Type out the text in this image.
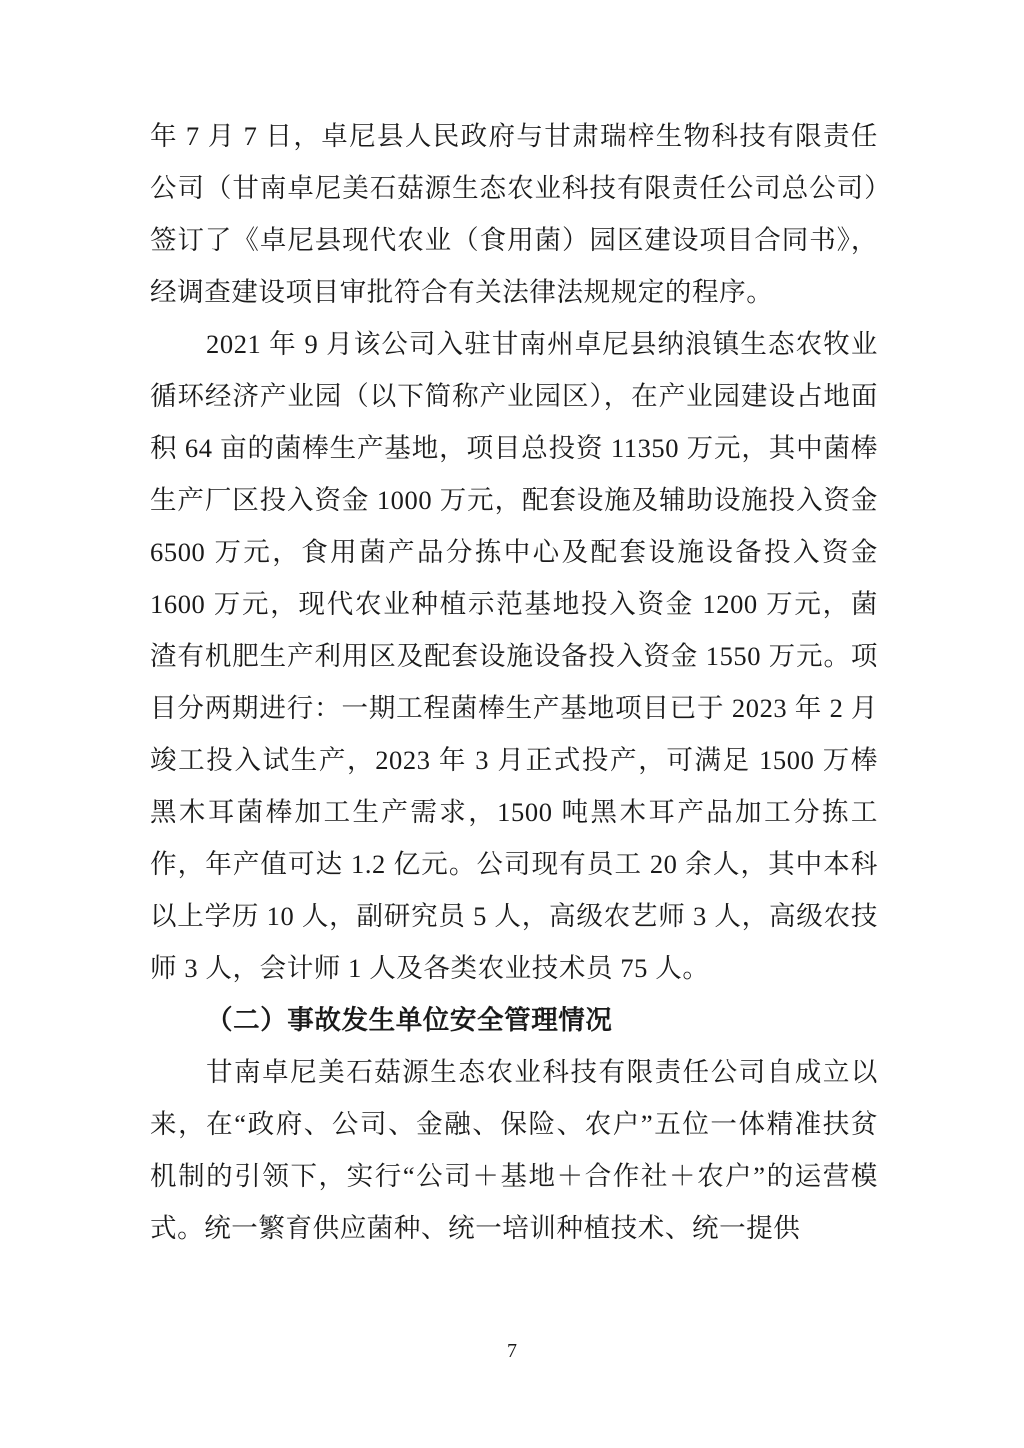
年 7 月 7 日，卓尼县人民政府与甘肃瑞梓生物科技有限责任公司（甘南卓尼美石菇源生态农业科技有限责任公司总公司）签订了《卓尼县现代农业（食用菌）园区建设项目合同书》，经调查建设项目审批符合有关法律法规规定的程序。

2021 年 9 月该公司入驻甘南州卓尼县纳浪镇生态农牧业循环经济产业园（以下简称产业园区），在产业园建设占地面积 64 亩的菌棒生产基地，项目总投资 11350 万元，其中菌棒生产厂区投入资金 1000 万元，配套设施及辅助设施投入资金 6500 万元，食用菌产品分拣中心及配套设施设备投入资金 1600 万元，现代农业种植示范基地投入资金 1200 万元，菌渣有机肥生产利用区及配套设施设备投入资金 1550 万元。项目分两期进行：一期工程菌棒生产基地项目已于 2023 年 2 月竣工投入试生产，2023 年 3 月正式投产，可满足 1500 万棒黑木耳菌棒加工生产需求，1500 吨黑木耳产品加工分拣工作，年产值可达 1.2 亿元。公司现有员工 20 余人，其中本科以上学历 10 人，副研究员 5 人，高级农艺师 3 人，高级农技师 3 人，会计师 1 人及各类农业技术员 75 人。

（二）事故发生单位安全管理情况

甘南卓尼美石菇源生态农业科技有限责任公司自成立以来，在“政府、公司、金融、保险、农户”五位一体精准扶贫机制的引领下，实行“公司＋基地＋合作社＋农户”的运营模式。统一繁育供应菌种、统一培训种植技术、统一提供

7
